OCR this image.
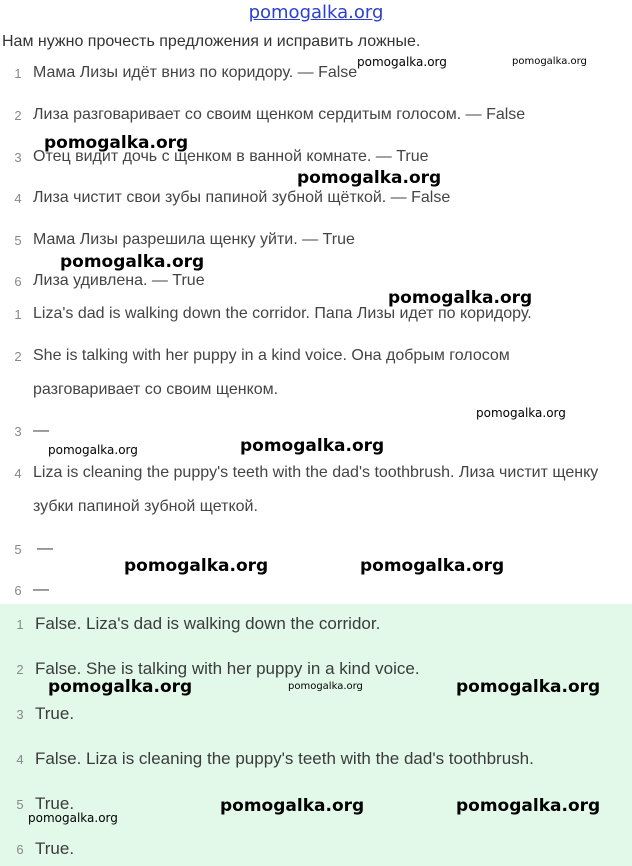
pomogalka.org
Нам нужно прочесть предложения и исправить ложные.
1 Мама Лизы идёт вниз по коридору. — False
2 Лиза разговаривает со своим щенком сердитым голосом. — False
3 Отец видит дочь с щенком в ванной комнате. — True
4 Лиза чистит свои зубы папиной зубной щёткой. — False
5 Мама Лизы разрешила щенку уйти. — True
6 Лиза удивлена. — True
1 Liza's dad is walking down the corridor. Папа Лизы идет по коридору.
2 She is talking with her puppy in a kind voice. Она добрым голосом разговаривает со своим щенком.
3 —
4 Liza is cleaning the puppy's teeth with the dad's toothbrush. Лиза чистит щенку зубки папиной зубной щеткой.
5 —
6 —
1 False. Liza's dad is walking down the corridor.
2 False. She is talking with her puppy in a kind voice.
3 True.
4 False. Liza is cleaning the puppy's teeth with the dad's toothbrush.
5 True.
6 True.
pomogalka.org	pomogalka.org
pomogalka.org
pomogalka.org
pomogalka.org
pomogalka.org
pomogalka.org
pomogalka.org	pomogalka.org
pomogalka.org	pomogalka.org
pomogalka.org	pomogalka.org	pomogalka.org
pomogalka.org	pomogalka.org
pomogalka.org
